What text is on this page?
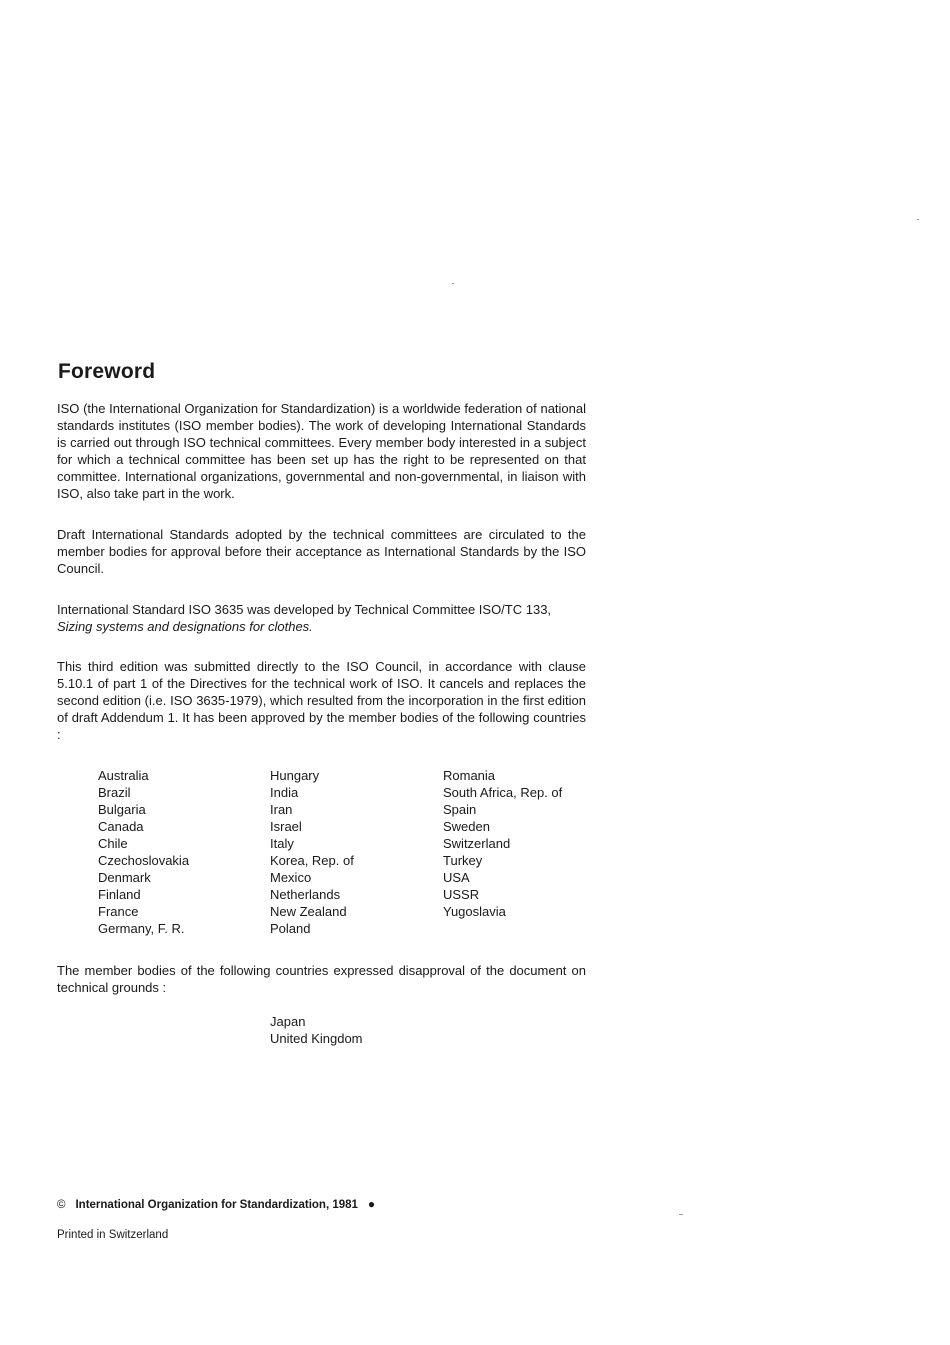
Foreword

ISO (the International Organization for Standardization) is a worldwide federation of national standards institutes (ISO member bodies). The work of developing International Standards is carried out through ISO technical committees. Every member body interested in a subject for which a technical committee has been set up has the right to be represented on that committee. International organizations, governmental and non-governmental, in liaison with ISO, also take part in the work.

Draft International Standards adopted by the technical committees are circulated to the member bodies for approval before their acceptance as International Standards by the ISO Council.

International Standard ISO 3635 was developed by Technical Committee ISO/TC 133,
Sizing systems and designations for clothes.

This third edition was submitted directly to the ISO Council, in accordance with clause 5.10.1 of part 1 of the Directives for the technical work of ISO. It cancels and replaces the second edition (i.e. ISO 3635-1979), which resulted from the incorporation in the first edition of draft Addendum 1. It has been approved by the member bodies of the following countries :

Australia
Brazil
Bulgaria
Canada
Chile
Czechoslovakia
Denmark
Finland
France
Germany, F. R.
Hungary
India
Iran
Israel
Italy
Korea, Rep. of
Mexico
Netherlands
New Zealand
Poland
Romania
South Africa, Rep. of
Spain
Sweden
Switzerland
Turkey
USA
USSR
Yugoslavia

The member bodies of the following countries expressed disapproval of the document on technical grounds :

Japan
United Kingdom
© International Organization for Standardization, 1981 ●
Printed in Switzerland
